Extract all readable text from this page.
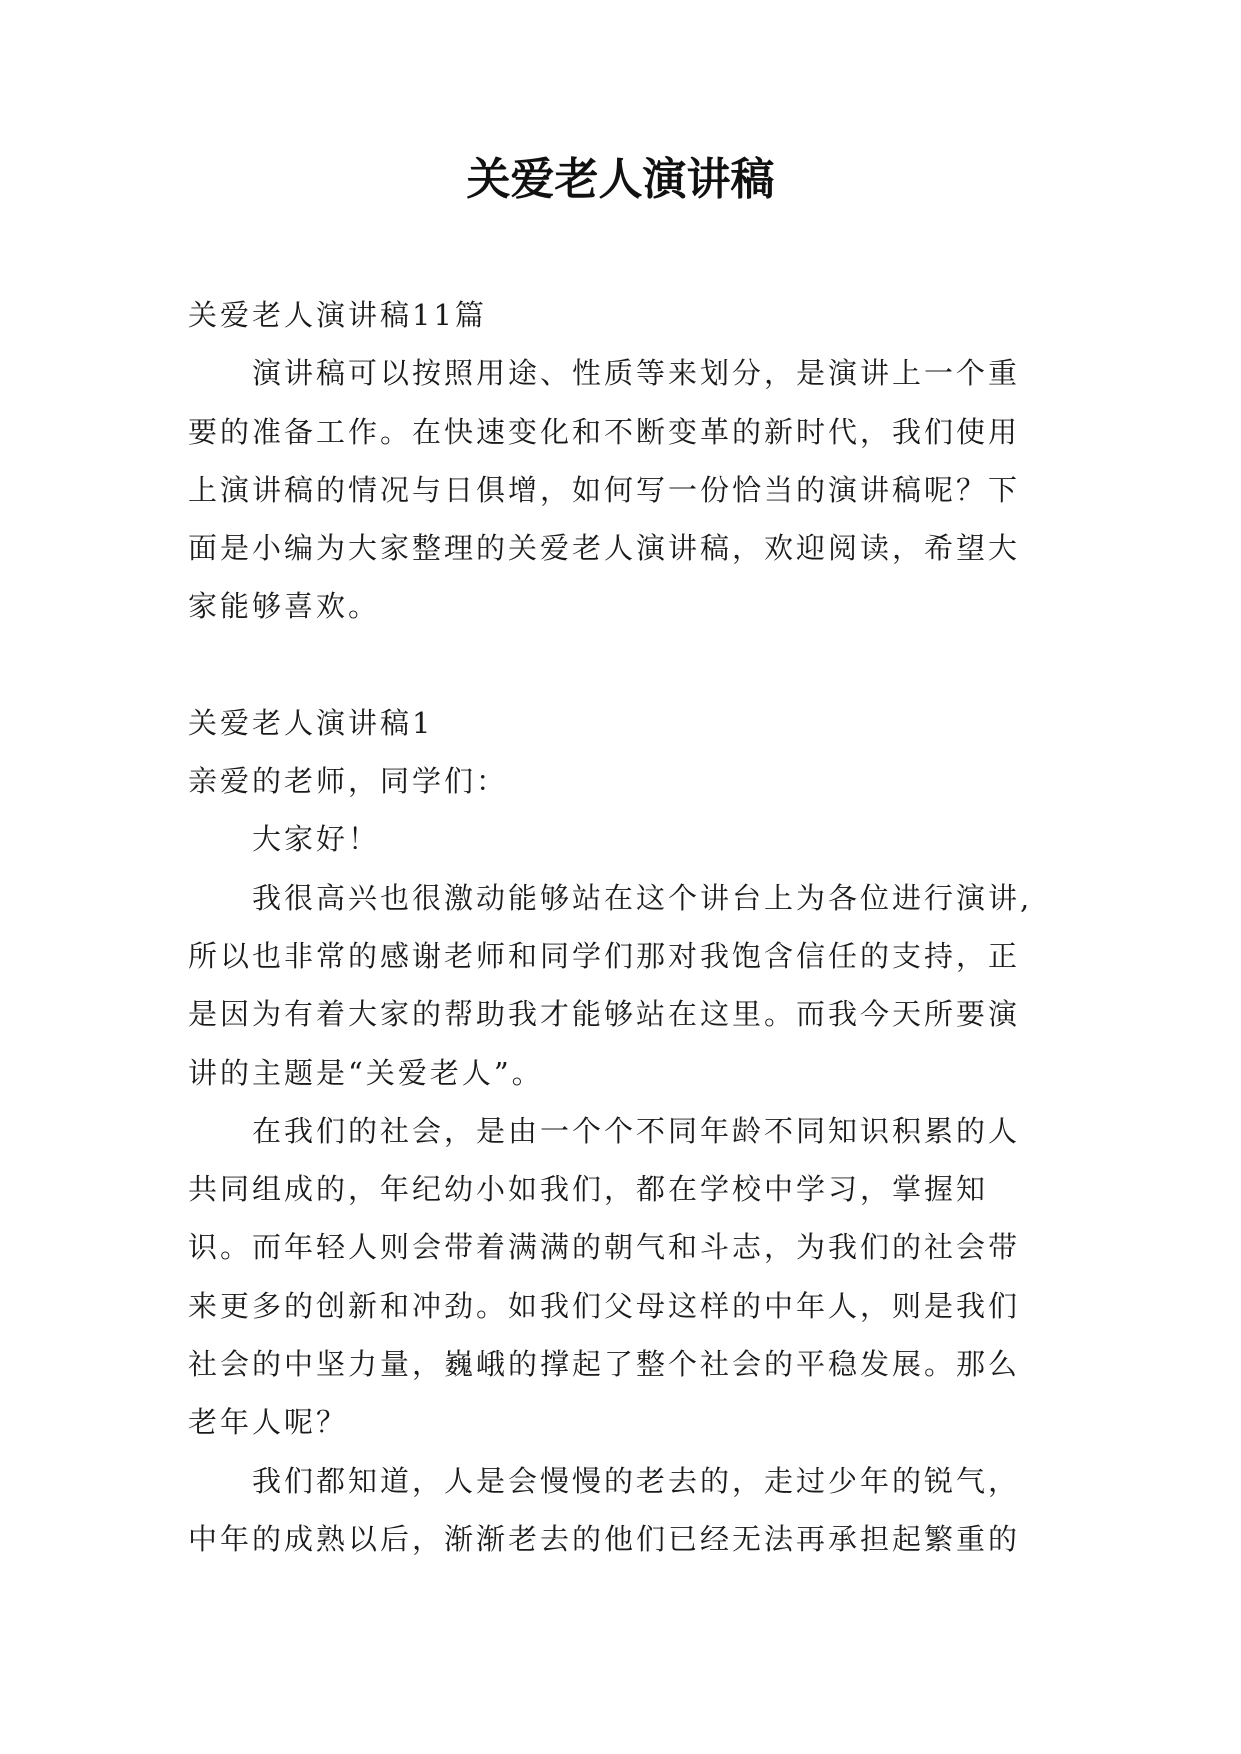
关爱老人演讲稿

关爱老人演讲稿11篇

演讲稿可以按照用途、性质等来划分，是演讲上一个重要的准备工作。在快速变化和不断变革的新时代，我们使用上演讲稿的情况与日俱增，如何写一份恰当的演讲稿呢？下面是小编为大家整理的关爱老人演讲稿，欢迎阅读，希望大家能够喜欢。

关爱老人演讲稿1

亲爱的老师，同学们：

大家好！

我很高兴也很激动能够站在这个讲台上为各位进行演讲,所以也非常的感谢老师和同学们那对我饱含信任的支持，正是因为有着大家的帮助我才能够站在这里。而我今天所要演讲的主题是“关爱老人”。

在我们的社会，是由一个个不同年龄不同知识积累的人共同组成的，年纪幼小如我们，都在学校中学习，掌握知识。而年轻人则会带着满满的朝气和斗志，为我们的社会带来更多的创新和冲劲。如我们父母这样的中年人，则是我们社会的中坚力量，巍峨的撑起了整个社会的平稳发展。那么老年人呢？

我们都知道，人是会慢慢的老去的，走过少年的锐气，中年的成熟以后，渐渐老去的他们已经无法再承担起繁重的
